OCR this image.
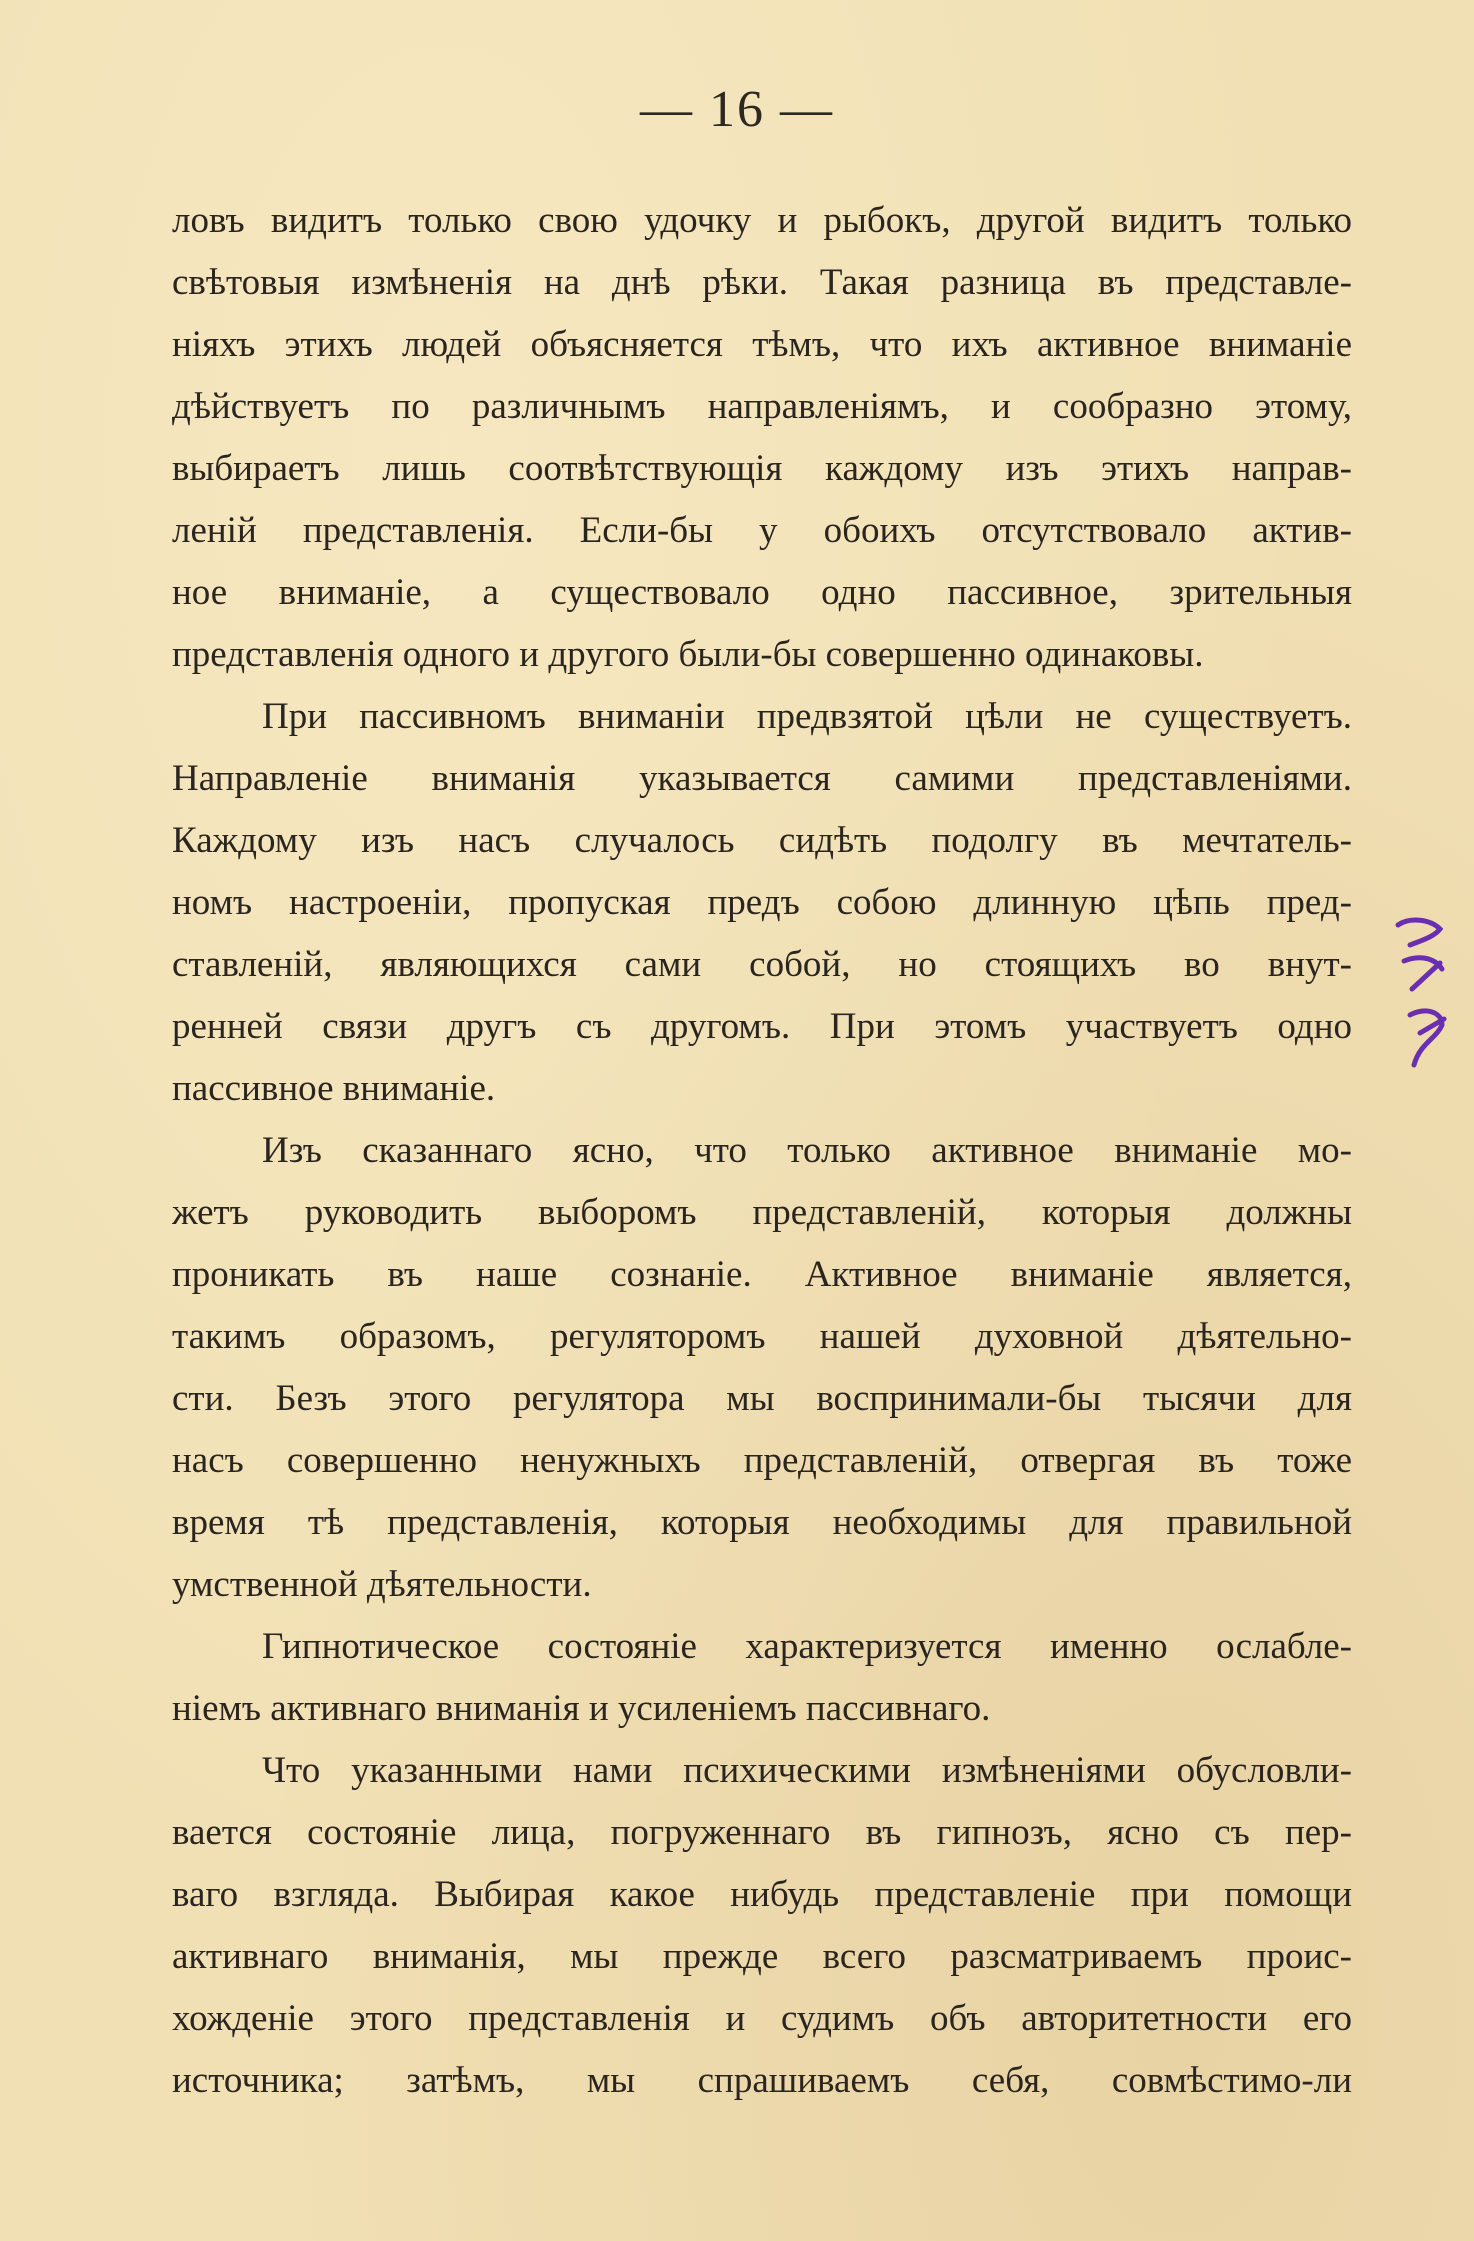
— 16 —
ловъ видитъ только свою удочку и рыбокъ, другой видитъ только
свѣтовыя измѣненія на днѣ рѣки. Такая разница въ представле-
ніяхъ этихъ людей объясняется тѣмъ, что ихъ активное вниманіе
дѣйствуетъ по различнымъ направленіямъ, и сообразно этому,
выбираетъ лишь соотвѣтствующія каждому изъ этихъ направ-
леній представленія. Если-бы у обоихъ отсутствовало актив-
ное вниманіе, а существовало одно пассивное, зрительныя
представленія одного и другого были-бы совершенно одинаковы.
При пассивномъ вниманіи предвзятой цѣли не существуетъ.
Направленіе вниманія указывается самими представленіями.
Каждому изъ насъ случалось сидѣть подолгу въ мечтатель-
номъ настроеніи, пропуская предъ собою длинную цѣпь пред-
ставленій, являющихся сами собой, но стоящихъ во внут-
ренней связи другъ съ другомъ. При этомъ участвуетъ одно
пассивное вниманіе.
Изъ сказаннаго ясно, что только активное вниманіе мо-
жетъ руководить выборомъ представленій, которыя должны
проникать въ наше сознаніе. Активное вниманіе является,
такимъ образомъ, регуляторомъ нашей духовной дѣятельно-
сти. Безъ этого регулятора мы воспринимали-бы тысячи для
насъ совершенно ненужныхъ представленій, отвергая въ тоже
время тѣ представленія, которыя необходимы для правильной
умственной дѣятельности.
Гипнотическое состояніе характеризуется именно ослабле-
ніемъ активнаго вниманія и усиленіемъ пассивнаго.
Что указанными нами психическими измѣненіями обусловли-
вается состояніе лица, погруженнаго въ гипнозъ, ясно съ пер-
ваго взгляда. Выбирая какое нибудь представленіе при помощи
активнаго вниманія, мы прежде всего разсматриваемъ проис-
хожденіе этого представленія и судимъ объ авторитетности его
источника; затѣмъ, мы спрашиваемъ себя, совмѣстимо-ли
